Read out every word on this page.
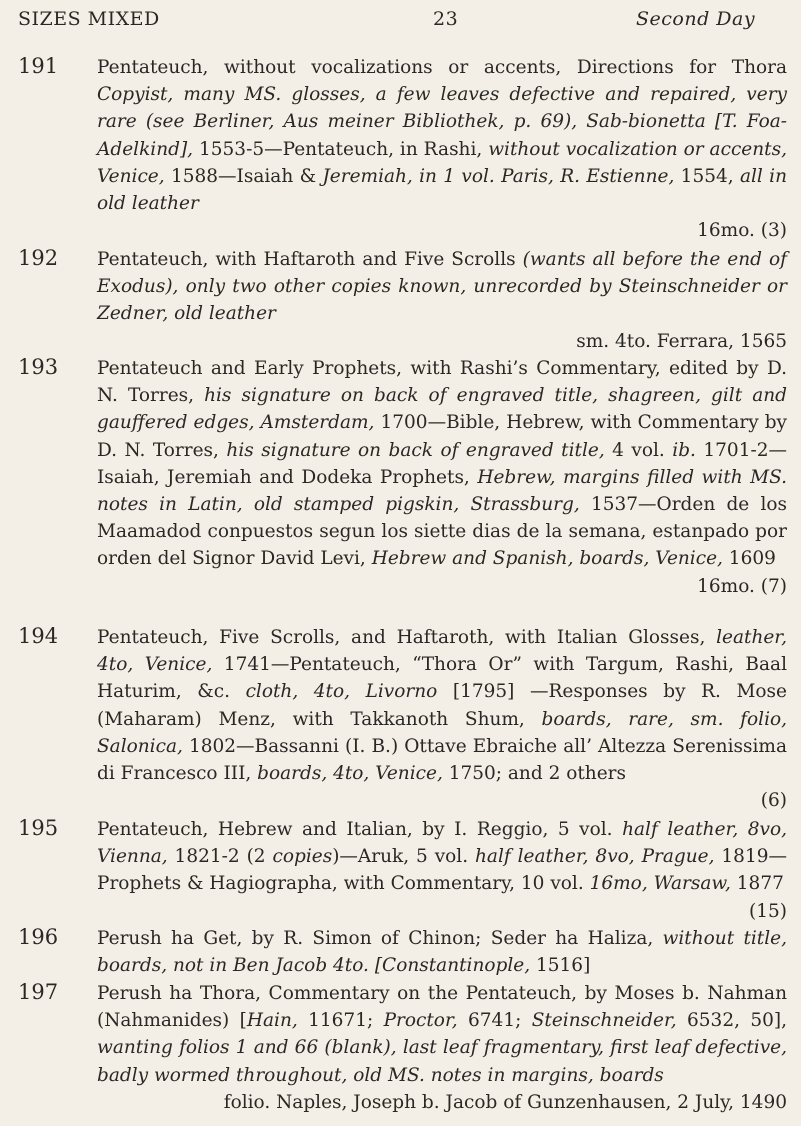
SIZES MIXED	23	Second Day
191	Pentateuch, without vocalizations or accents, Directions for Thora Copyist, many MS. glosses, a few leaves defective and repaired, very rare (see Berliner, Aus meiner Bibliothek, p. 69), Sab-bionetta [T. Foa-Adelkind], 1553-5—Pentateuch, in Rashi, without vocalization or accents, Venice, 1588—Isaiah & Jeremiah, in 1 vol. Paris, R. Estienne, 1554, all in old leather
16mo. (3)
192	Pentateuch, with Haftaroth and Five Scrolls (wants all before the end of Exodus), only two other copies known, unrecorded by Steinschneider or Zedner, old leather
sm. 4to. Ferrara, 1565
193	Pentateuch and Early Prophets, with Rashi’s Commentary, edited by D. N. Torres, his signature on back of engraved title, shagreen, gilt and gauffered edges, Amsterdam, 1700—Bible, Hebrew, with Commentary by D. N. Torres, his signature on back of engraved title, 4 vol. ib. 1701-2—Isaiah, Jeremiah and Dodeka Prophets, Hebrew, margins filled with MS. notes in Latin, old stamped pigskin, Strassburg, 1537—Orden de los Maamadod conpuestos segun los siette dias de la semana, estanpado por orden del Signor David Levi, Hebrew and Spanish, boards, Venice, 1609
16mo. (7)
194	Pentateuch, Five Scrolls, and Haftaroth, with Italian Glosses, leather, 4to, Venice, 1741—Pentateuch, “Thora Or” with Targum, Rashi, Baal Haturim, &c. cloth, 4to, Livorno [1795] —Responses by R. Mose (Maharam) Menz, with Takkanoth Shum, boards, rare, sm. folio, Salonica, 1802—Bassanni (I. B.) Ottave Ebraiche all’ Altezza Serenissima di Francesco III, boards, 4to, Venice, 1750; and 2 others
(6)
195	Pentateuch, Hebrew and Italian, by I. Reggio, 5 vol. half leather, 8vo, Vienna, 1821-2 (2 copies)—Aruk, 5 vol. half leather, 8vo, Prague, 1819—Prophets & Hagiographa, with Commentary, 10 vol. 16mo, Warsaw, 1877
(15)
196	Perush ha Get, by R. Simon of Chinon; Seder ha Haliza, without title, boards, not in Ben Jacob 4to. [Constantinople, 1516]
197	Perush ha Thora, Commentary on the Pentateuch, by Moses b. Nahman (Nahmanides) [Hain, 11671; Proctor, 6741; Steinschneider, 6532, 50], wanting folios 1 and 66 (blank), last leaf fragmentary, first leaf defective, badly wormed throughout, old MS. notes in margins, boards
folio. Naples, Joseph b. Jacob of Gunzenhausen, 2 July, 1490
